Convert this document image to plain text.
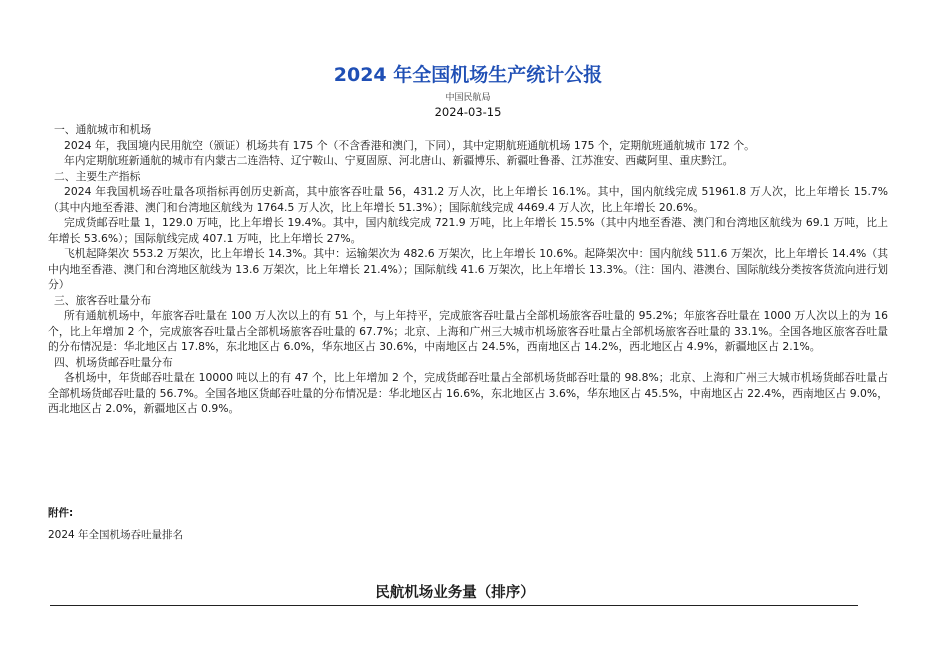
2024 年全国机场生产统计公报
中国民航局
2024-03-15
一、通航城市和机场
2024 年，我国境内民用航空（颁证）机场共有 175 个（不含香港和澳门，下同），其中定期航班通航机场 175 个，定期航班通航城市 172 个。
年内定期航班新通航的城市有内蒙古二连浩特、辽宁鞍山、宁夏固原、河北唐山、新疆博乐、新疆吐鲁番、江苏淮安、西藏阿里、重庆黔江。
二、主要生产指标
2024 年我国机场吞吐量各项指标再创历史新高，其中旅客吞吐量 56，431.2 万人次，比上年增长 16.1%。其中，国内航线完成 51961.8 万人次，比上年增长 15.7%（其中内地至香港、澳门和台湾地区航线为 1764.5 万人次，比上年增长 51.3%）；国际航线完成 4469.4 万人次，比上年增长 20.6%。
完成货邮吞吐量 1，129.0 万吨，比上年增长 19.4%。其中，国内航线完成 721.9 万吨，比上年增长 15.5%（其中内地至香港、澳门和台湾地区航线为 69.1 万吨，比上年增长 53.6%）；国际航线完成 407.1 万吨，比上年增长 27%。
飞机起降架次 553.2 万架次，比上年增长 14.3%。其中：运输架次为 482.6 万架次，比上年增长 10.6%。起降架次中：国内航线 511.6 万架次，比上年增长 14.4%（其中内地至香港、澳门和台湾地区航线为 13.6 万架次，比上年增长 21.4%）；国际航线 41.6 万架次，比上年增长 13.3%。（注：国内、港澳台、国际航线分类按客货流向进行划分）
三、旅客吞吐量分布
所有通航机场中，年旅客吞吐量在 100 万人次以上的有 51 个，与上年持平，完成旅客吞吐量占全部机场旅客吞吐量的 95.2%；年旅客吞吐量在 1000 万人次以上的为 16 个，比上年增加 2 个，完成旅客吞吐量占全部机场旅客吞吐量的 67.7%；北京、上海和广州三大城市机场旅客吞吐量占全部机场旅客吞吐量的 33.1%。全国各地区旅客吞吐量的分布情况是：华北地区占 17.8%，东北地区占 6.0%，华东地区占 30.6%，中南地区占 24.5%，西南地区占 14.2%，西北地区占 4.9%，新疆地区占 2.1%。
四、机场货邮吞吐量分布
各机场中，年货邮吞吐量在 10000 吨以上的有 47 个，比上年增加 2 个，完成货邮吞吐量占全部机场货邮吞吐量的 98.8%；北京、上海和广州三大城市机场货邮吞吐量占全部机场货邮吞吐量的 56.7%。全国各地区货邮吞吐量的分布情况是：华北地区占 16.6%，东北地区占 3.6%，华东地区占 45.5%，中南地区占 22.4%，西南地区占 9.0%，西北地区占 2.0%，新疆地区占 0.9%。
附件:
2024 年全国机场吞吐量排名
民航机场业务量（排序）
